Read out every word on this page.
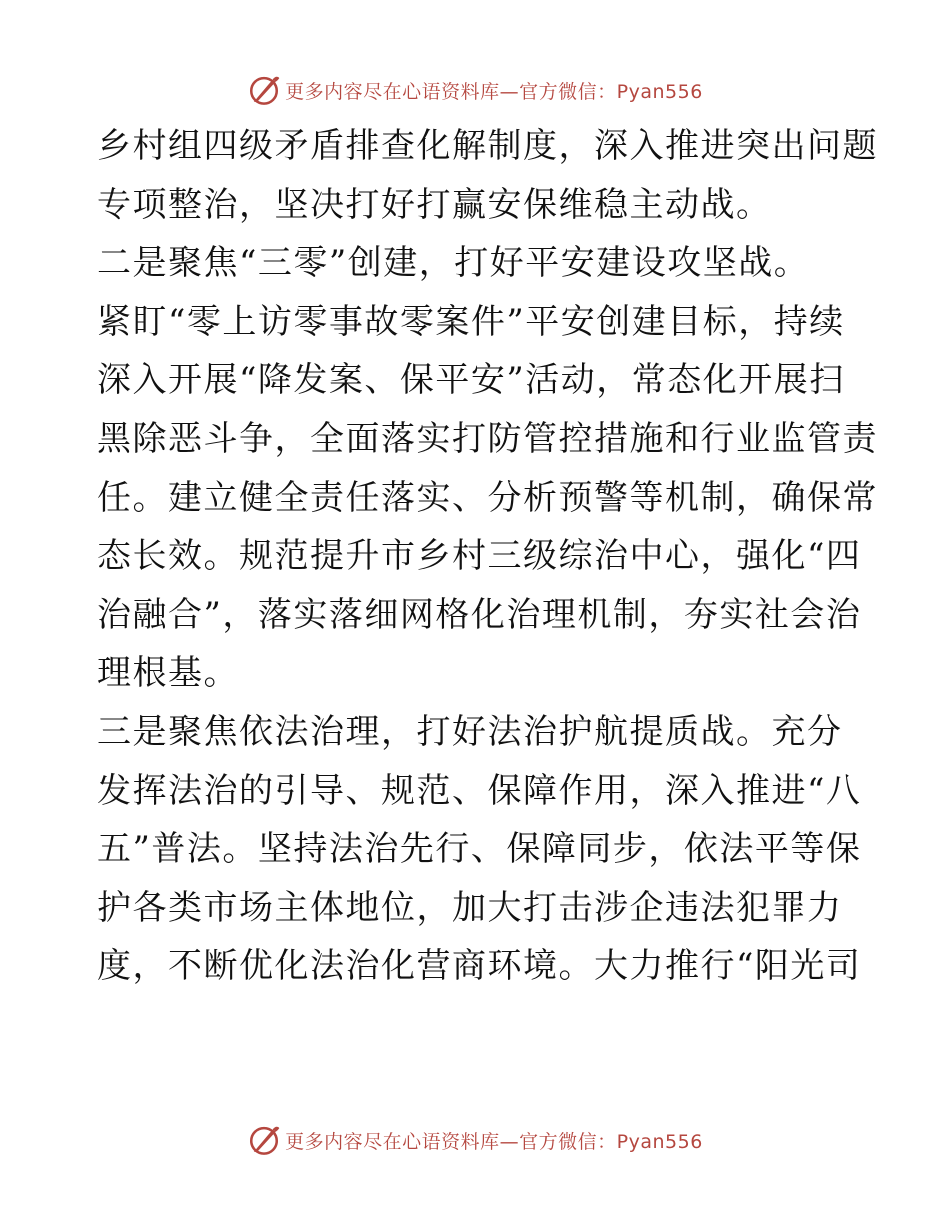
更多内容尽在心语资料库—官方微信：Pyan556
乡村组四级矛盾排查化解制度，深入推进突出问题
专项整治，坚决打好打赢安保维稳主动战。
二是聚焦“三零”创建，打好平安建设攻坚战。
紧盯“零上访零事故零案件”平安创建目标，持续
深入开展“降发案、保平安”活动，常态化开展扫
黑除恶斗争，全面落实打防管控措施和行业监管责
任。建立健全责任落实、分析预警等机制，确保常
态长效。规范提升市乡村三级综治中心，强化“四
治融合”，落实落细网格化治理机制，夯实社会治
理根基。
三是聚焦依法治理，打好法治护航提质战。充分
发挥法治的引导、规范、保障作用，深入推进“八
五”普法。坚持法治先行、保障同步，依法平等保
护各类市场主体地位，加大打击涉企违法犯罪力
度，不断优化法治化营商环境。大力推行“阳光司
更多内容尽在心语资料库—官方微信：Pyan556
